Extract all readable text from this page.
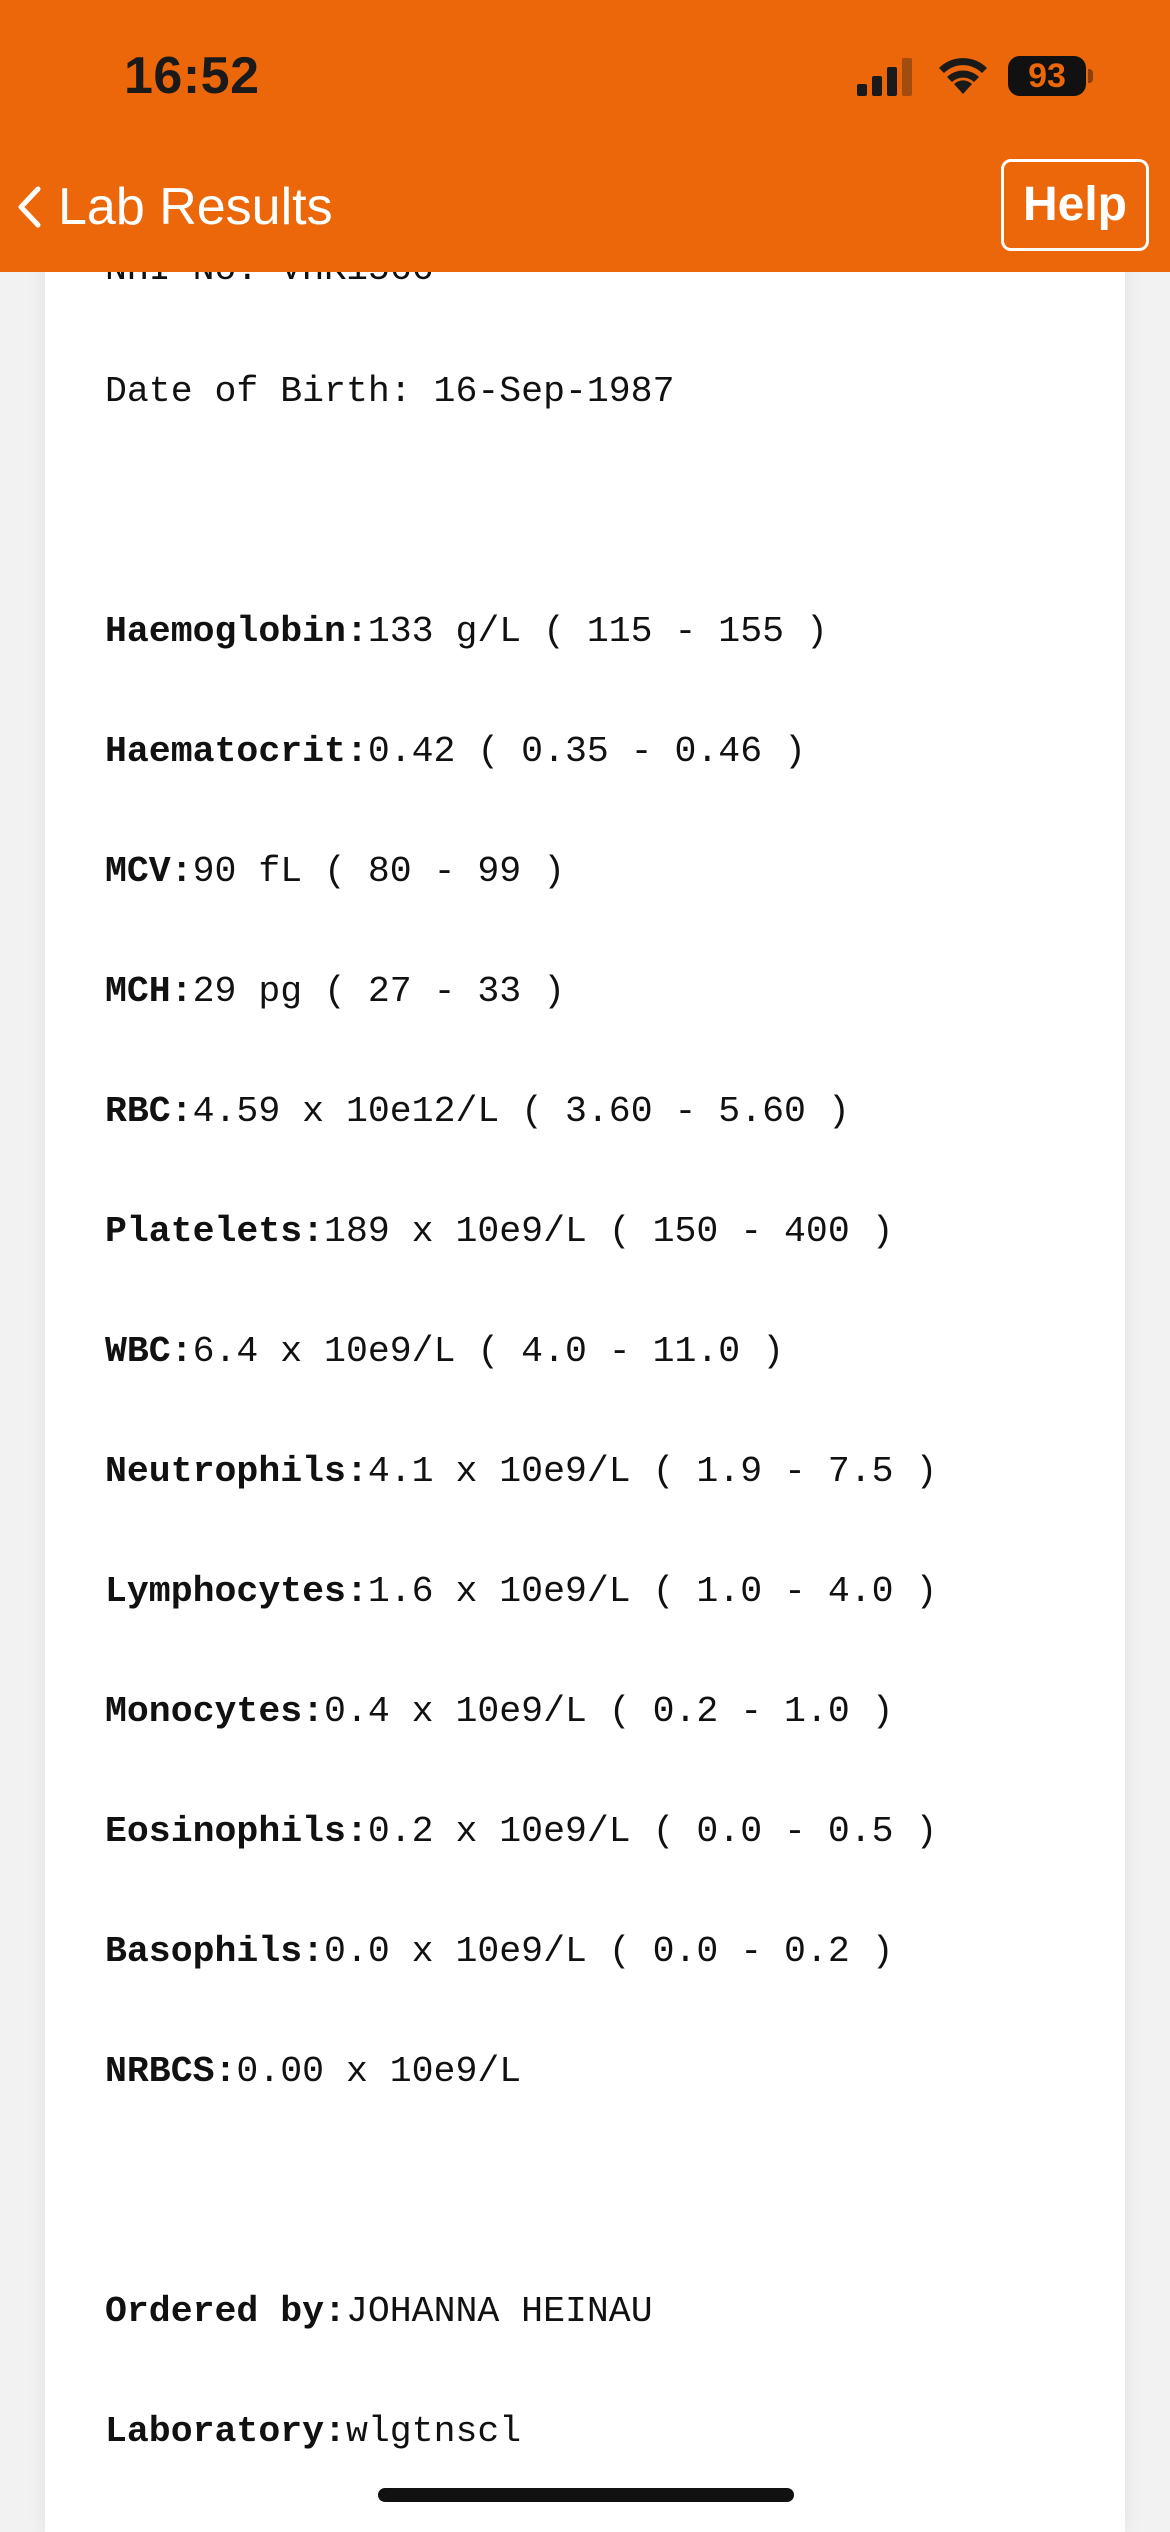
Date of Birth: 16-Sep-1987
Haemoglobin:133 g/L ( 115 - 155 )
Haematocrit:0.42 ( 0.35 - 0.46 )
MCV:90 fL ( 80 - 99 )
MCH:29 pg ( 27 - 33 )
RBC:4.59 x 10e12/L ( 3.60 - 5.60 )
Platelets:189 x 10e9/L ( 150 - 400 )
WBC:6.4 x 10e9/L ( 4.0 - 11.0 )
Neutrophils:4.1 x 10e9/L ( 1.9 - 7.5 )
Lymphocytes:1.6 x 10e9/L ( 1.0 - 4.0 )
Monocytes:0.4 x 10e9/L ( 0.2 - 1.0 )
Eosinophils:0.2 x 10e9/L ( 0.0 - 0.5 )
Basophils:0.0 x 10e9/L ( 0.0 - 0.2 )
NRBCS:0.00 x 10e9/L
Ordered by:JOHANNA HEINAU
Laboratory:wlgtnscl
16:52	93
Lab Results	Help
